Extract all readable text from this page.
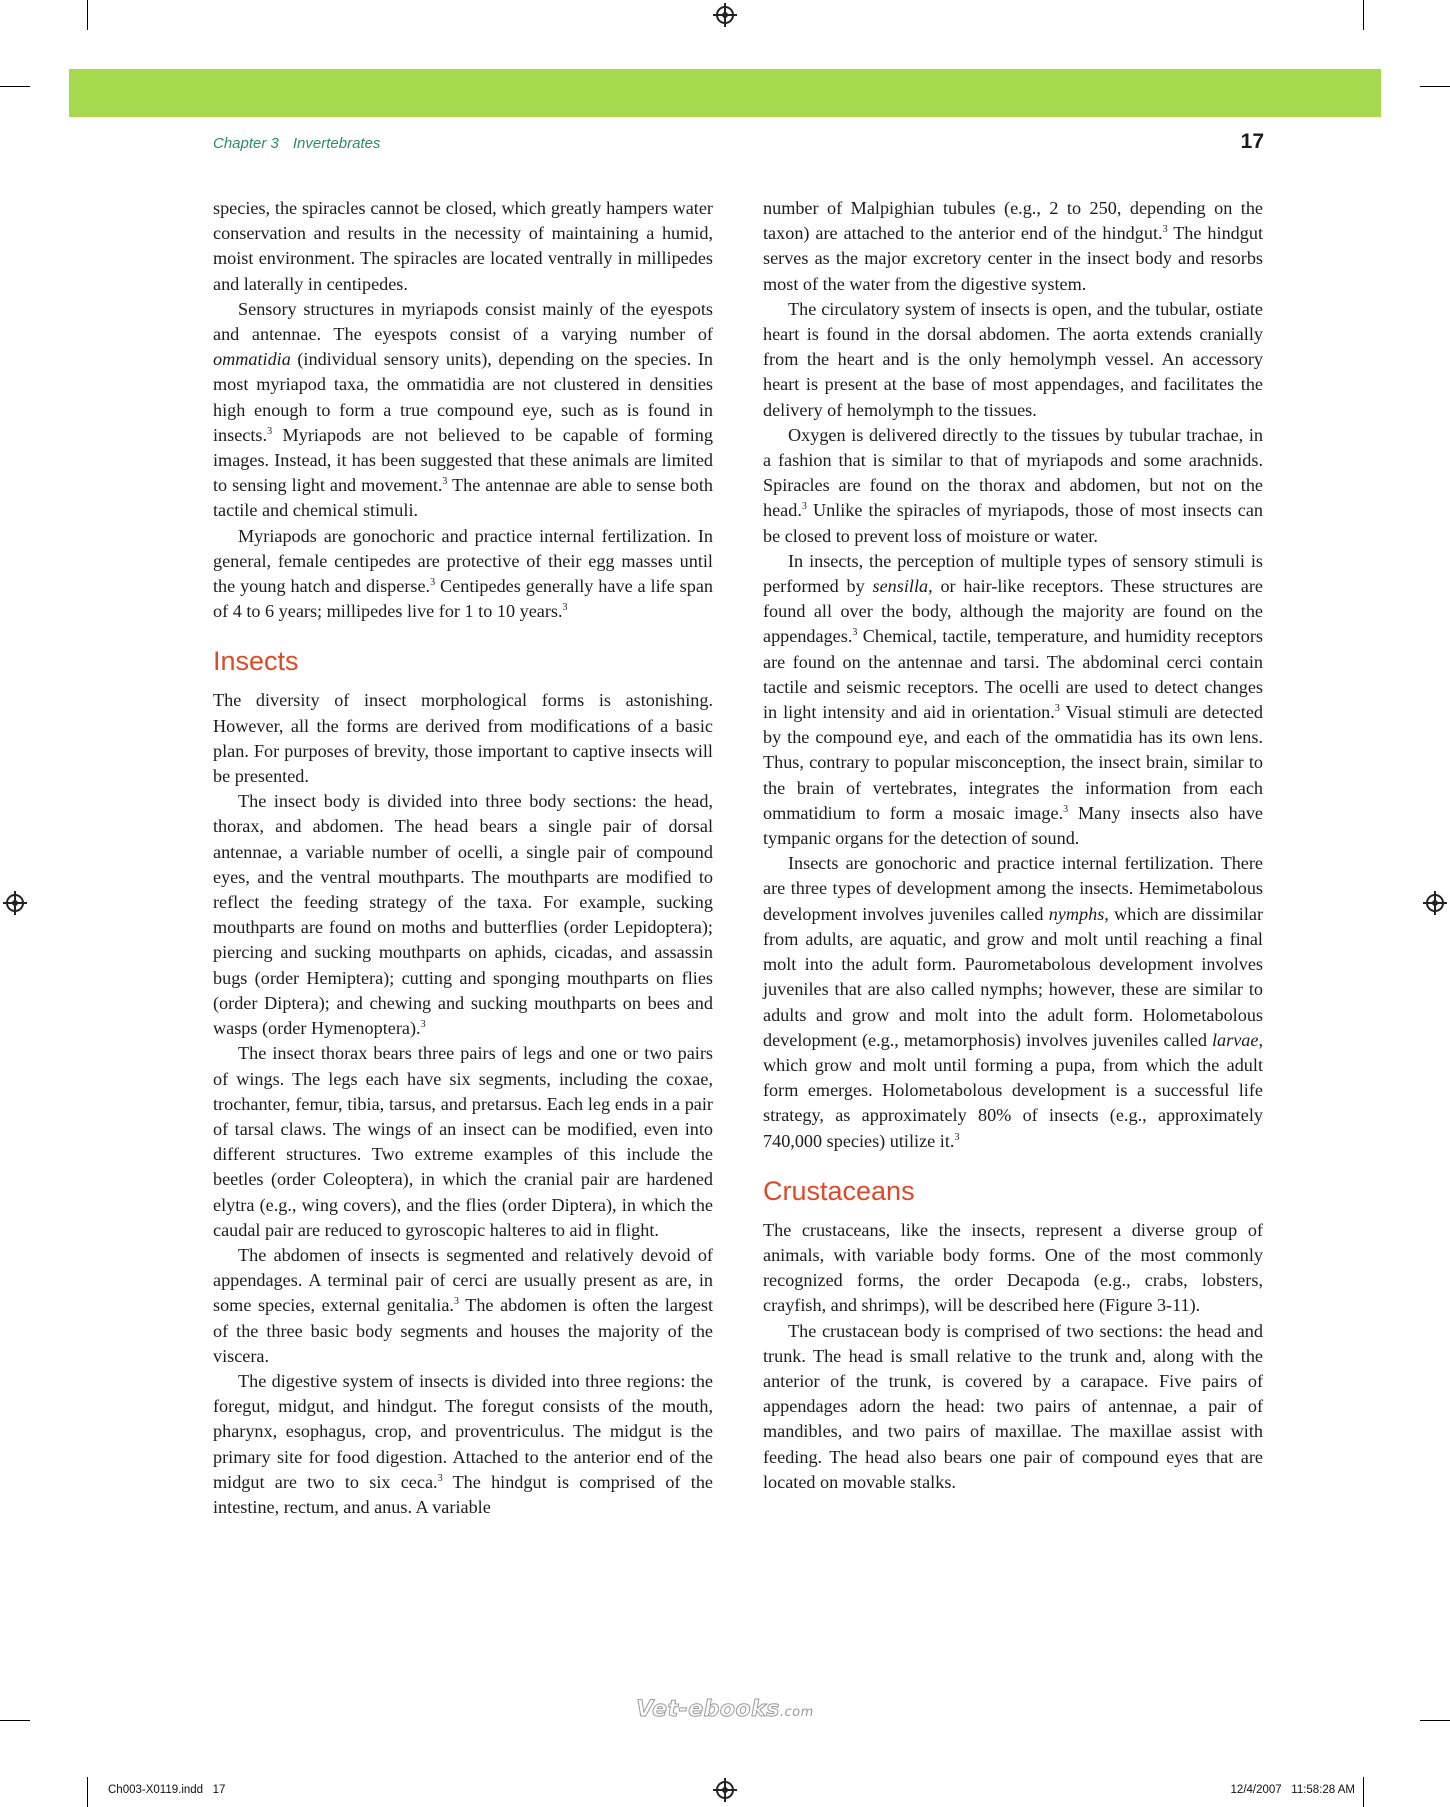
Chapter 3 Invertebrates	17

species, the spiracles cannot be closed, which greatly hampers water conservation and results in the necessity of maintaining a humid, moist environment. The spiracles are located ventrally in millipedes and laterally in centipedes.

Sensory structures in myriapods consist mainly of the eyespots and antennae. The eyespots consist of a varying number of ommatidia (individual sensory units), depending on the species. In most myriapod taxa, the ommatidia are not clustered in densities high enough to form a true compound eye, such as is found in insects.$^3$ Myriapods are not believed to be capable of forming images. Instead, it has been suggested that these animals are limited to sensing light and movement.$^3$ The antennae are able to sense both tactile and chemical stimuli.

Myriapods are gonochoric and practice internal fertilization. In general, female centipedes are protective of their egg masses until the young hatch and disperse.$^3$ Centipedes generally have a life span of 4 to 6 years; millipedes live for 1 to 10 years.$^3$

Insects

The diversity of insect morphological forms is astonishing. However, all the forms are derived from modifications of a basic plan. For purposes of brevity, those important to captive insects will be presented.

The insect body is divided into three body sections: the head, thorax, and abdomen. The head bears a single pair of dorsal antennae, a variable number of ocelli, a single pair of compound eyes, and the ventral mouthparts. The mouthparts are modified to reflect the feeding strategy of the taxa. For example, sucking mouthparts are found on moths and butterflies (order Lepidoptera); piercing and sucking mouthparts on aphids, cicadas, and assassin bugs (order Hemiptera); cutting and sponging mouthparts on flies (order Diptera); and chewing and sucking mouthparts on bees and wasps (order Hymenoptera).$^3$

The insect thorax bears three pairs of legs and one or two pairs of wings. The legs each have six segments, including the coxae, trochanter, femur, tibia, tarsus, and pretarsus. Each leg ends in a pair of tarsal claws. The wings of an insect can be modified, even into different structures. Two extreme examples of this include the beetles (order Coleoptera), in which the cranial pair are hardened elytra (e.g., wing covers), and the flies (order Diptera), in which the caudal pair are reduced to gyroscopic halteres to aid in flight.

The abdomen of insects is segmented and relatively devoid of appendages. A terminal pair of cerci are usually present as are, in some species, external genitalia.$^3$ The abdomen is often the largest of the three basic body segments and houses the majority of the viscera.

The digestive system of insects is divided into three regions: the foregut, midgut, and hindgut. The foregut consists of the mouth, pharynx, esophagus, crop, and proventriculus. The midgut is the primary site for food digestion. Attached to the anterior end of the midgut are two to six ceca.$^3$ The hindgut is comprised of the intestine, rectum, and anus. A variable

number of Malpighian tubules (e.g., 2 to 250, depending on the taxon) are attached to the anterior end of the hindgut.$^3$ The hindgut serves as the major excretory center in the insect body and resorbs most of the water from the digestive system.

The circulatory system of insects is open, and the tubular, ostiate heart is found in the dorsal abdomen. The aorta extends cranially from the heart and is the only hemolymph vessel. An accessory heart is present at the base of most appendages, and facilitates the delivery of hemolymph to the tissues.

Oxygen is delivered directly to the tissues by tubular trachae, in a fashion that is similar to that of myriapods and some arachnids. Spiracles are found on the thorax and abdomen, but not on the head.$^3$ Unlike the spiracles of myriapods, those of most insects can be closed to prevent loss of moisture or water.

In insects, the perception of multiple types of sensory stimuli is performed by sensilla, or hair-like receptors. These structures are found all over the body, although the majority are found on the appendages.$^3$ Chemical, tactile, temperature, and humidity receptors are found on the antennae and tarsi. The abdominal cerci contain tactile and seismic receptors. The ocelli are used to detect changes in light intensity and aid in orientation.$^3$ Visual stimuli are detected by the compound eye, and each of the ommatidia has its own lens. Thus, contrary to popular misconception, the insect brain, similar to the brain of vertebrates, integrates the information from each ommatidium to form a mosaic image.$^3$ Many insects also have tympanic organs for the detection of sound.

Insects are gonochoric and practice internal fertilization. There are three types of development among the insects. Hemimetabolous development involves juveniles called nymphs, which are dissimilar from adults, are aquatic, and grow and molt until reaching a final molt into the adult form. Paurometabolous development involves juveniles that are also called nymphs; however, these are similar to adults and grow and molt into the adult form. Holometabolous development (e.g., metamorphosis) involves juveniles called larvae, which grow and molt until forming a pupa, from which the adult form emerges. Holometabolous development is a successful life strategy, as approximately 80% of insects (e.g., approximately 740,000 species) utilize it.$^3$

Crustaceans

The crustaceans, like the insects, represent a diverse group of animals, with variable body forms. One of the most commonly recognized forms, the order Decapoda (e.g., crabs, lobsters, crayfish, and shrimps), will be described here (Figure 3-11).

The crustacean body is comprised of two sections: the head and trunk. The head is small relative to the trunk and, along with the anterior of the trunk, is covered by a carapace. Five pairs of appendages adorn the head: two pairs of antennae, a pair of mandibles, and two pairs of maxillae. The maxillae assist with feeding. The head also bears one pair of compound eyes that are located on movable stalks.

Vet-ebooks.com
Ch003-X0119.indd   17	12/4/2007   11:58:28 AM
